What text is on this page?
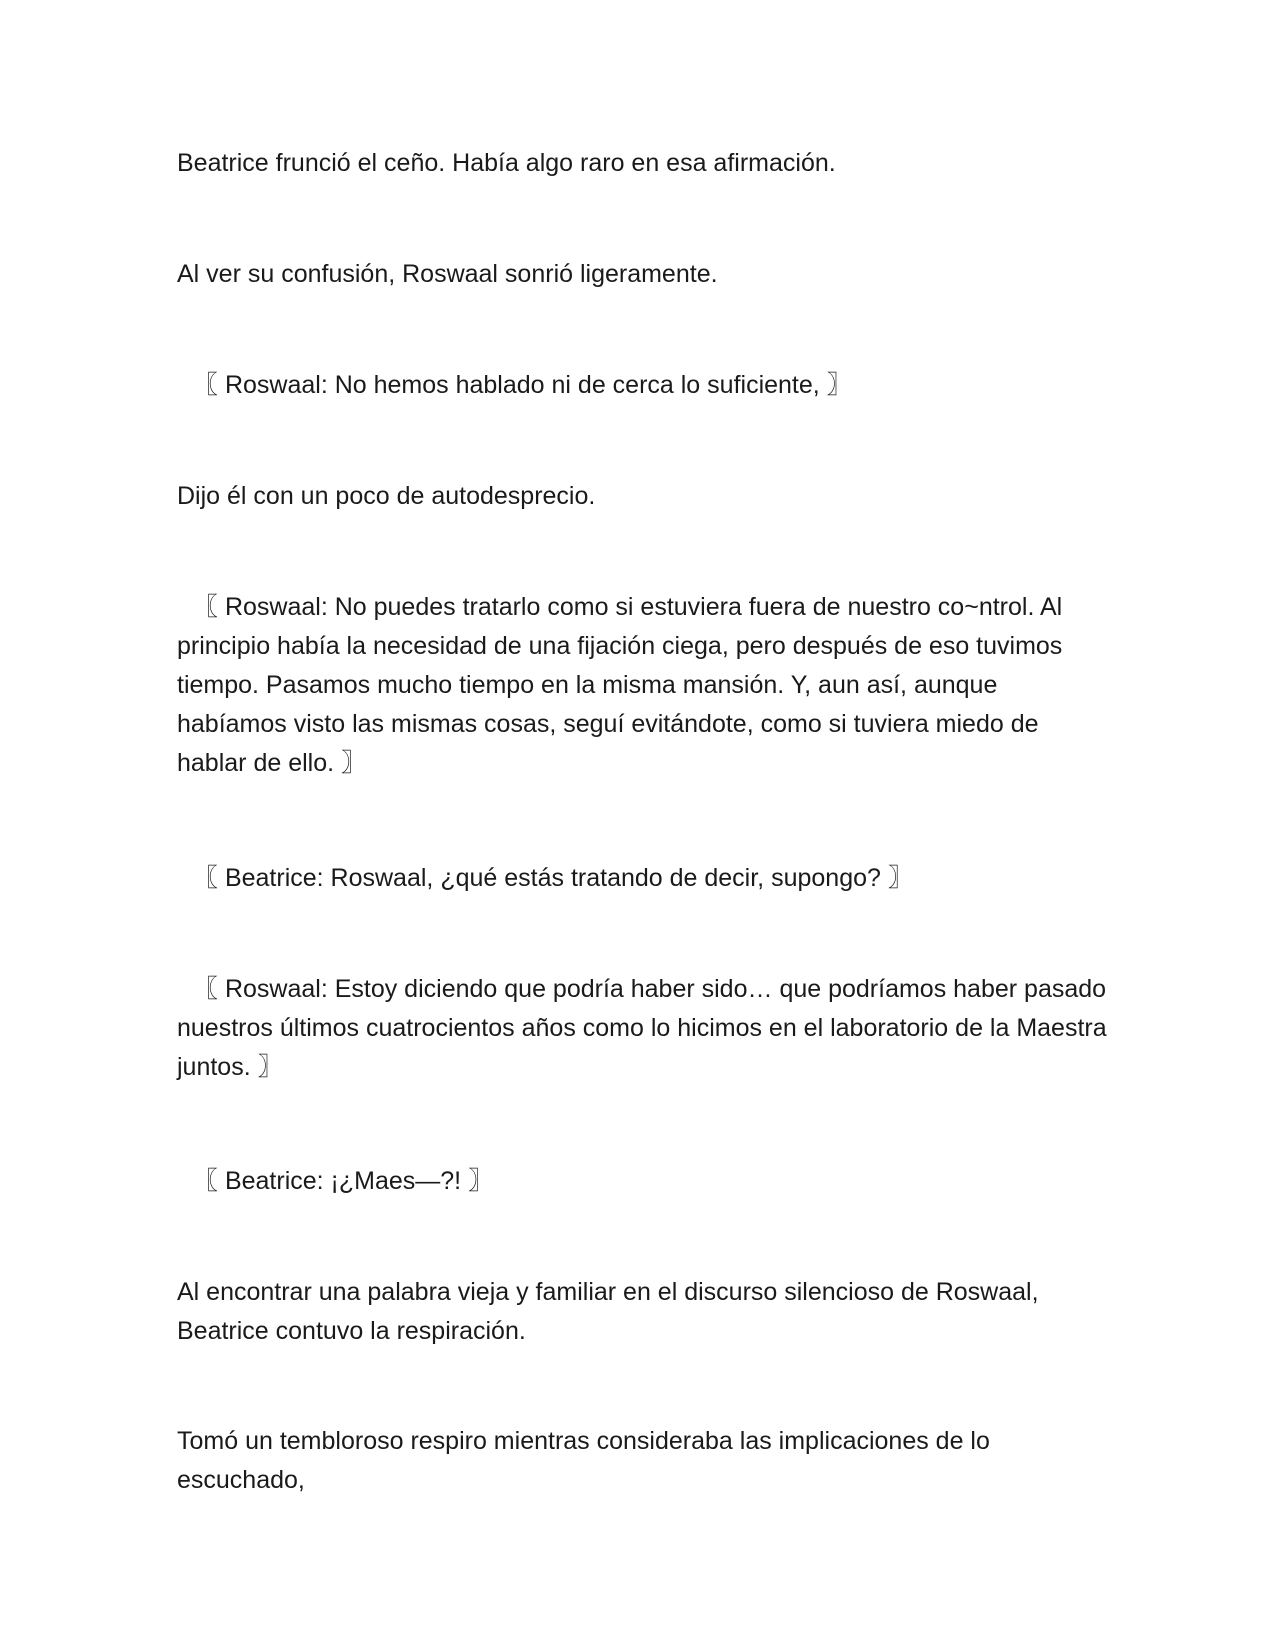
Beatrice frunció el ceño. Había algo raro en esa afirmación.

Al ver su confusión, Roswaal sonrió ligeramente.

〖 Roswaal: No hemos hablado ni de cerca lo suficiente, 〗

Dijo él con un poco de autodesprecio.

〖 Roswaal: No puedes tratarlo como si estuviera fuera de nuestro co~ntrol. Al principio había la necesidad de una fijación ciega, pero después de eso tuvimos tiempo. Pasamos mucho tiempo en la misma mansión. Y, aun así, aunque habíamos visto las mismas cosas, seguí evitándote, como si tuviera miedo de hablar de ello. 〗

〖 Beatrice: Roswaal, ¿qué estás tratando de decir, supongo? 〗

〖 Roswaal: Estoy diciendo que podría haber sido… que podríamos haber pasado nuestros últimos cuatrocientos años como lo hicimos en el laboratorio de la Maestra juntos. 〗

〖 Beatrice: ¡¿Maes—?! 〗

Al encontrar una palabra vieja y familiar en el discurso silencioso de Roswaal, Beatrice contuvo la respiración.

Tomó un tembloroso respiro mientras consideraba las implicaciones de lo escuchado,
